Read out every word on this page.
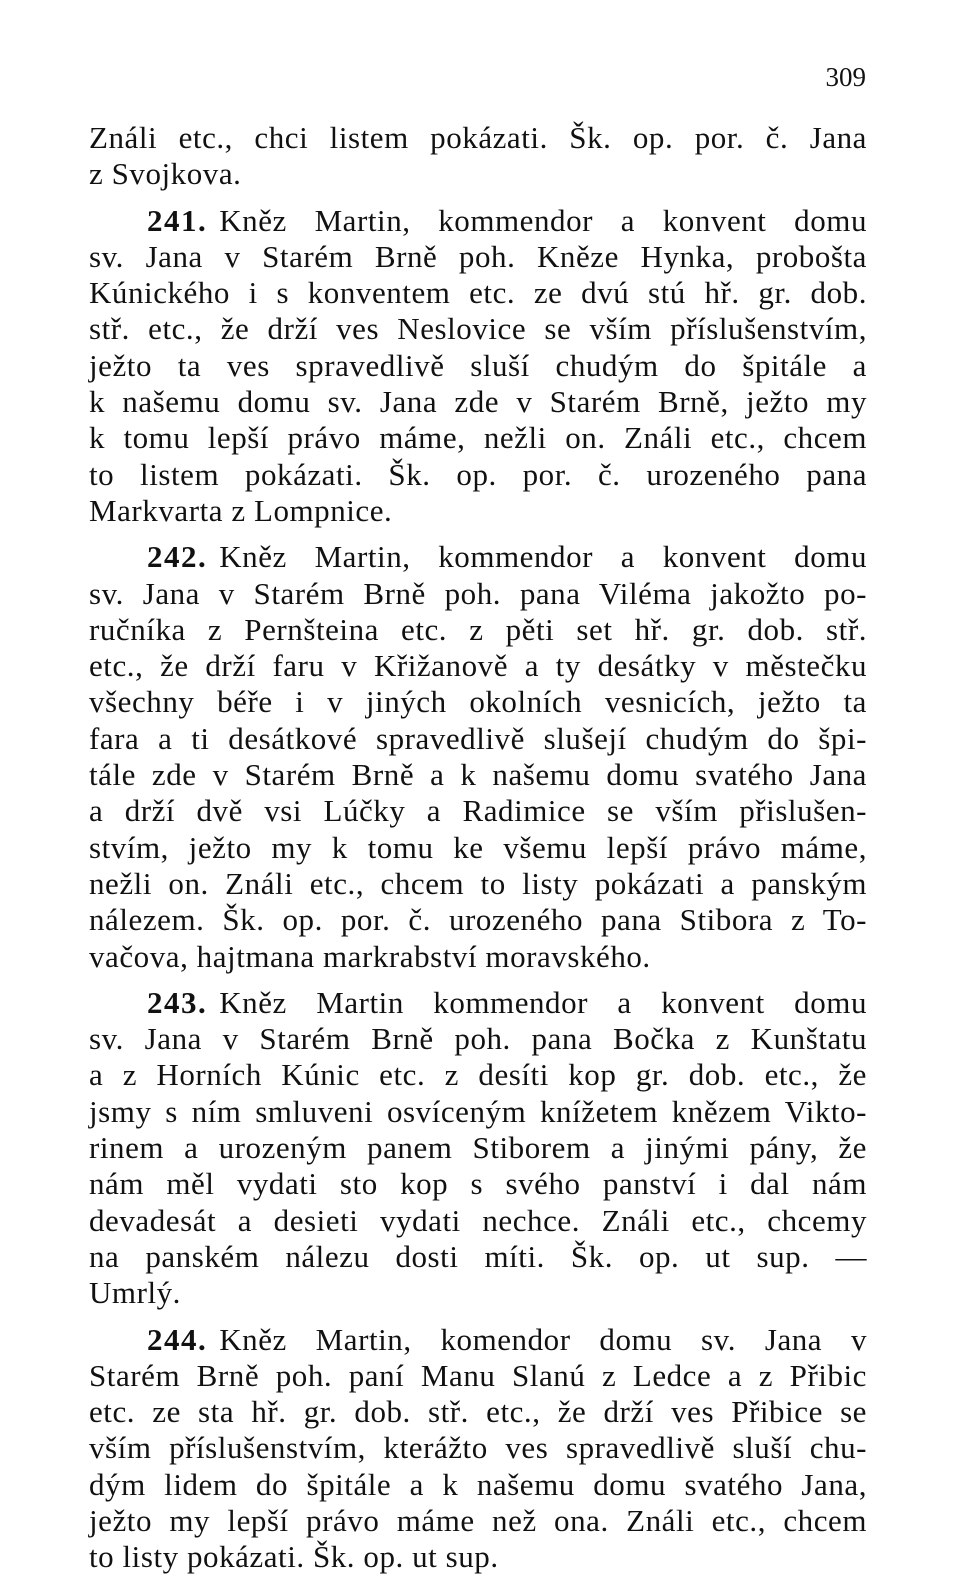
309
Ználi etc., chci listem pokázati. Šk. op. por. č. Jana
z Svojkova.
241. Kněz Martin, kommendor a konvent domu
sv. Jana v Starém Brně poh. Kněze Hynka, probošta
Kúnického i s konventem etc. ze dvú stú hř. gr. dob.
stř. etc., že drží ves Neslovice se vším příslušenstvím,
ježto ta ves spravedlivě sluší chudým do špitále a
k našemu domu sv. Jana zde v Starém Brně, ježto my
k tomu lepší právo máme, nežli on. Ználi etc., chcem
to listem pokázati. Šk. op. por. č. urozeného pana
Markvarta z Lompnice.
242. Kněz Martin, kommendor a konvent domu
sv. Jana v Starém Brně poh. pana Viléma jakožto po-
ručníka z Pernšteina etc. z pěti set hř. gr. dob. stř.
etc., že drží faru v Křižanově a ty desátky v městečku
všechny béře i v jiných okolních vesnicích, ježto ta
fara a ti desátkové spravedlivě slušejí chudým do špi-
tále zde v Starém Brně a k našemu domu svatého Jana
a drží dvě vsi Lúčky a Radimice se vším přislušen-
stvím, ježto my k tomu ke všemu lepší právo máme,
nežli on. Ználi etc., chcem to listy pokázati a panským
nálezem. Šk. op. por. č. urozeného pana Stibora z To-
vačova, hajtmana markrabství moravského.
243. Kněz Martin kommendor a konvent domu
sv. Jana v Starém Brně poh. pana Bočka z Kunštatu
a z Horních Kúnic etc. z desíti kop gr. dob. etc., že
jsmy s ním smluveni osvíceným knížetem knězem Vikto-
rinem a urozeným panem Stiborem a jinými pány, že
nám měl vydati sto kop s svého panství i dal nám
devadesát a desieti vydati nechce. Ználi etc., chcemy
na panském nálezu dosti míti. Šk. op. ut sup. —
Umrlý.
244. Kněz Martin, komendor domu sv. Jana v
Starém Brně poh. paní Manu Slanú z Ledce a z Přibic
etc. ze sta hř. gr. dob. stř. etc., že drží ves Přibice se
vším příslušenstvím, kterážto ves spravedlivě sluší chu-
dým lidem do špitále a k našemu domu svatého Jana,
ježto my lepší právo máme než ona. Ználi etc., chcem
to listy pokázati. Šk. op. ut sup.
